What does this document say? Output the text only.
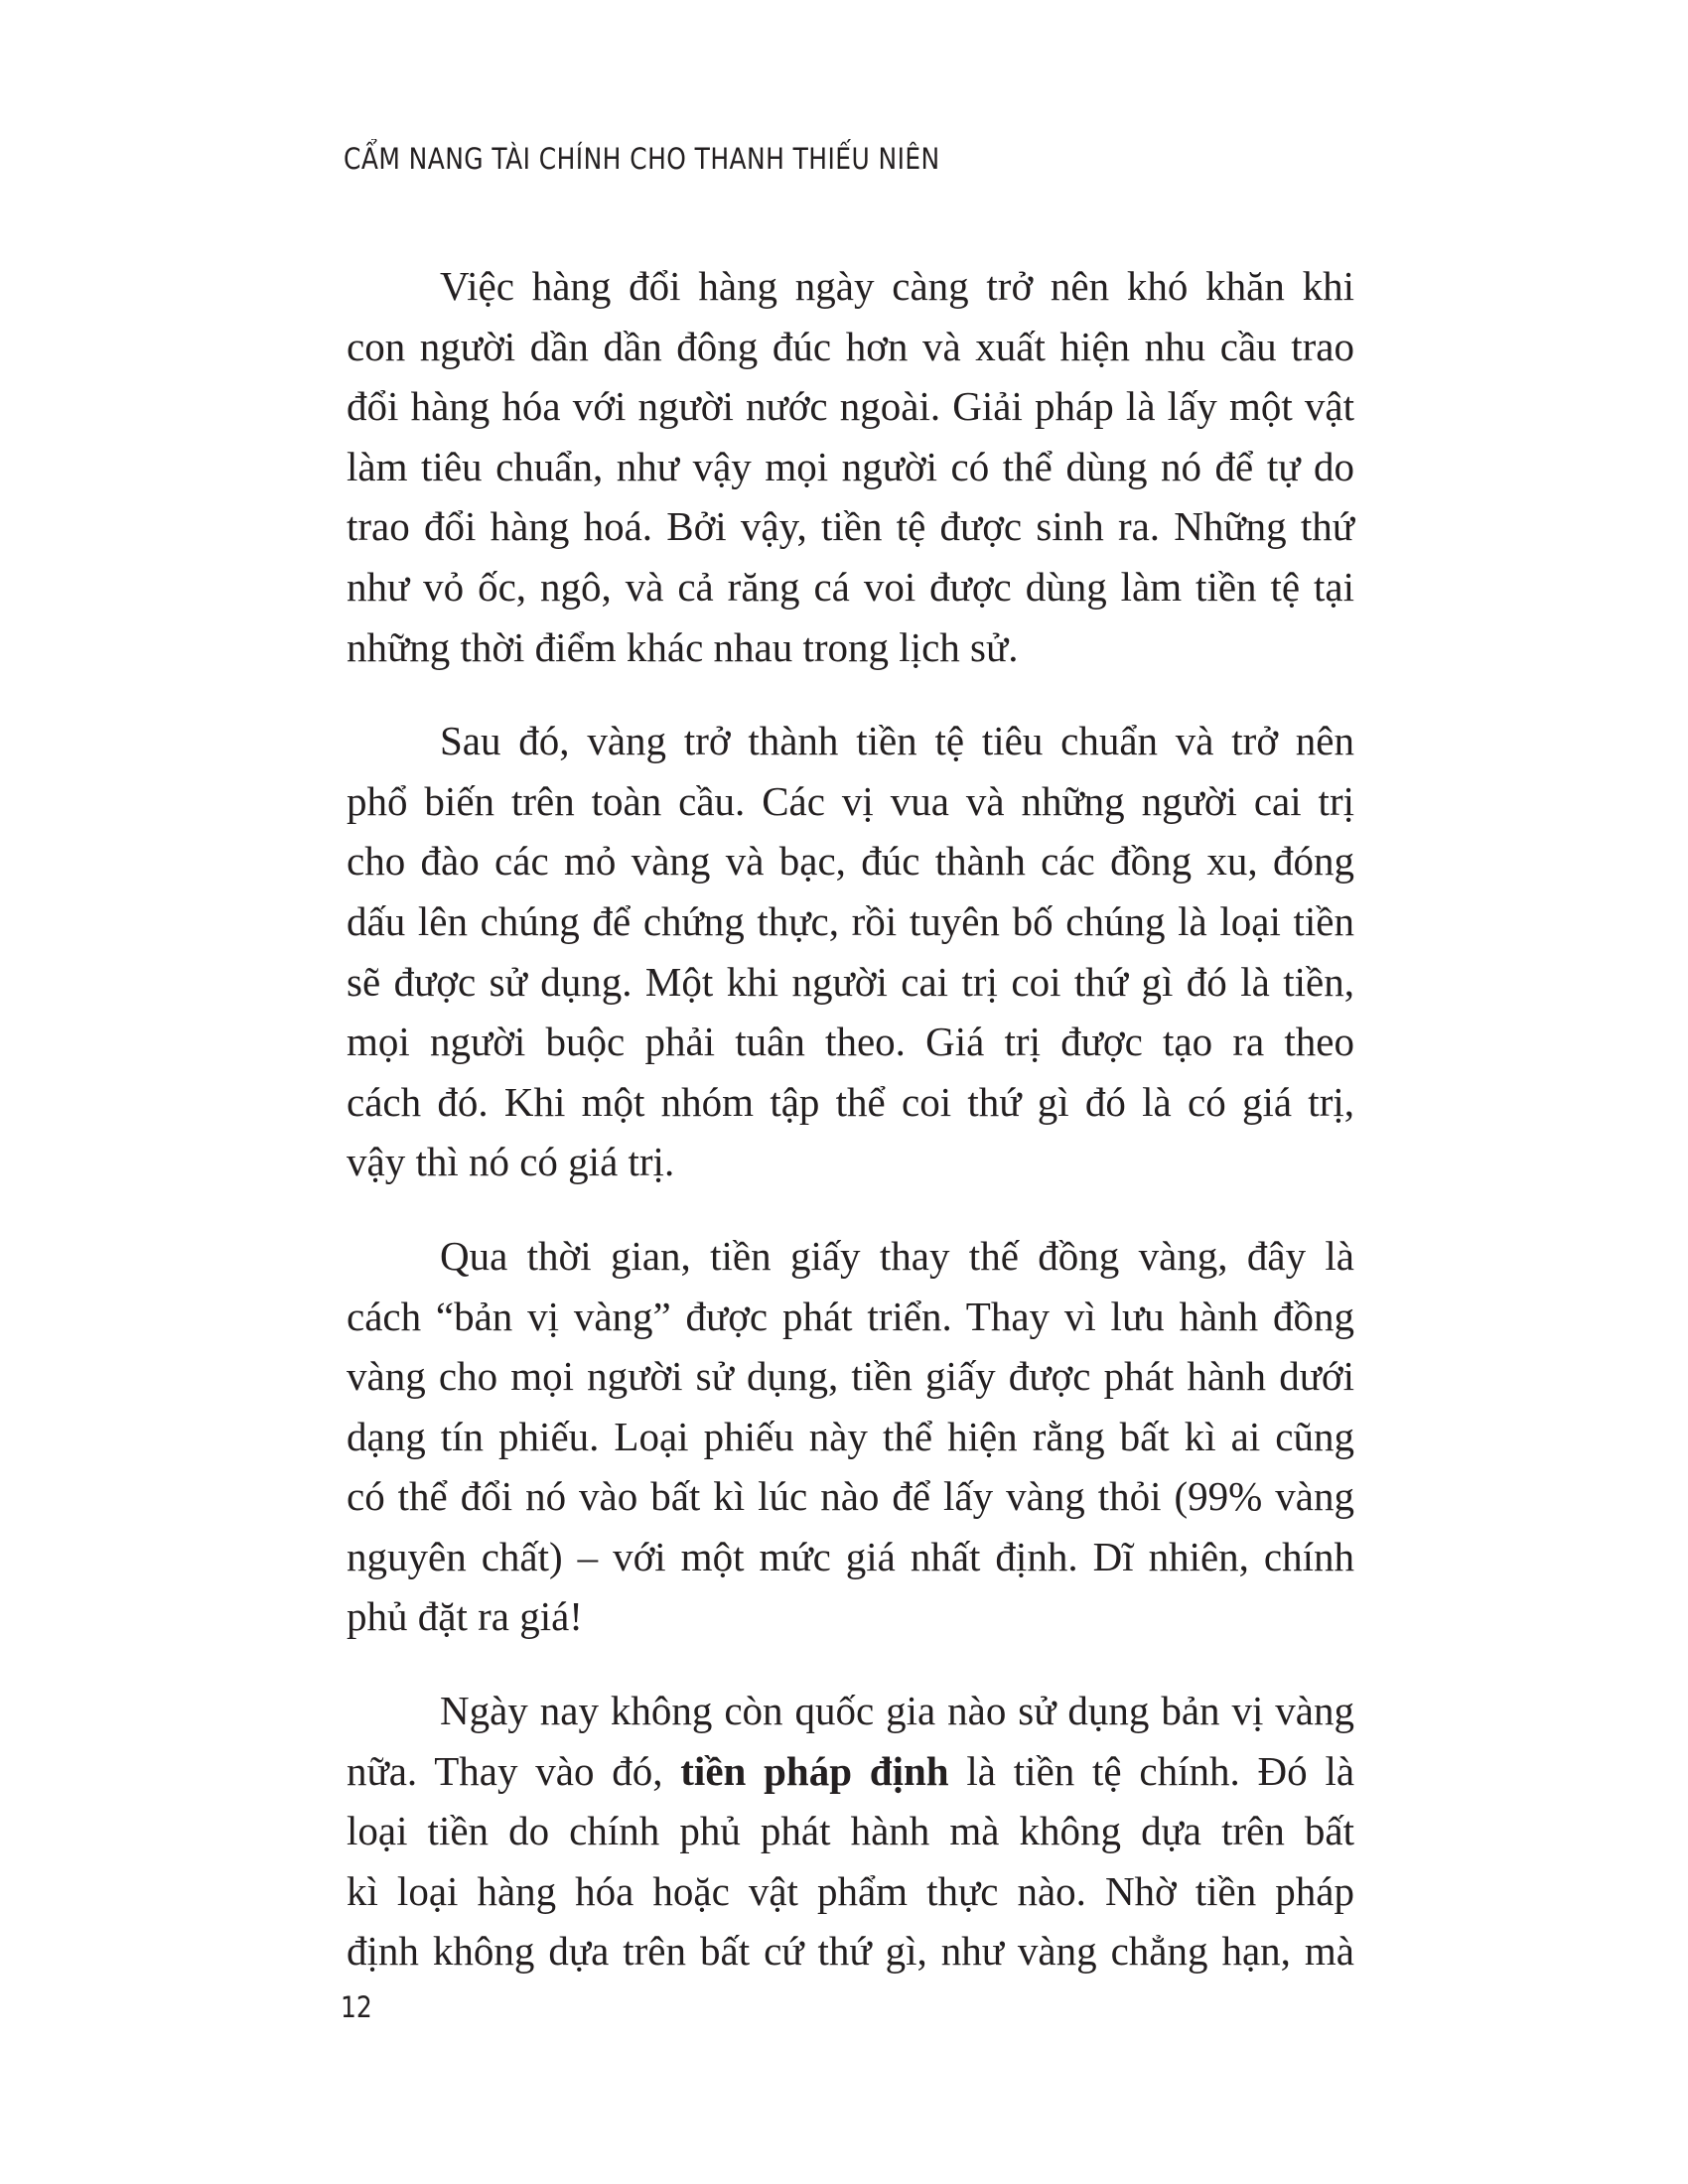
CẨM NANG TÀI CHÍNH CHO THANH THIẾU NIÊN
Việc hàng đổi hàng ngày càng trở nên khó khăn khi
con người dần dần đông đúc hơn và xuất hiện nhu cầu trao
đổi hàng hóa với người nước ngoài. Giải pháp là lấy một vật
làm tiêu chuẩn, như vậy mọi người có thể dùng nó để tự do
trao đổi hàng hoá. Bởi vậy, tiền tệ được sinh ra. Những thứ
như vỏ ốc, ngô, và cả răng cá voi được dùng làm tiền tệ tại
những thời điểm khác nhau trong lịch sử.
Sau đó, vàng trở thành tiền tệ tiêu chuẩn và trở nên
phổ biến trên toàn cầu. Các vị vua và những người cai trị
cho đào các mỏ vàng và bạc, đúc thành các đồng xu, đóng
dấu lên chúng để chứng thực, rồi tuyên bố chúng là loại tiền
sẽ được sử dụng. Một khi người cai trị coi thứ gì đó là tiền,
mọi người buộc phải tuân theo. Giá trị được tạo ra theo
cách đó. Khi một nhóm tập thể coi thứ gì đó là có giá trị,
vậy thì nó có giá trị.
Qua thời gian, tiền giấy thay thế đồng vàng, đây là
cách “bản vị vàng” được phát triển. Thay vì lưu hành đồng
vàng cho mọi người sử dụng, tiền giấy được phát hành dưới
dạng tín phiếu. Loại phiếu này thể hiện rằng bất kì ai cũng
có thể đổi nó vào bất kì lúc nào để lấy vàng thỏi (99% vàng
nguyên chất) – với một mức giá nhất định. Dĩ nhiên, chính
phủ đặt ra giá!
Ngày nay không còn quốc gia nào sử dụng bản vị vàng
nữa. Thay vào đó, tiền pháp định là tiền tệ chính. Đó là
loại tiền do chính phủ phát hành mà không dựa trên bất
kì loại hàng hóa hoặc vật phẩm thực nào. Nhờ tiền pháp
định không dựa trên bất cứ thứ gì, như vàng chẳng hạn, mà
12
